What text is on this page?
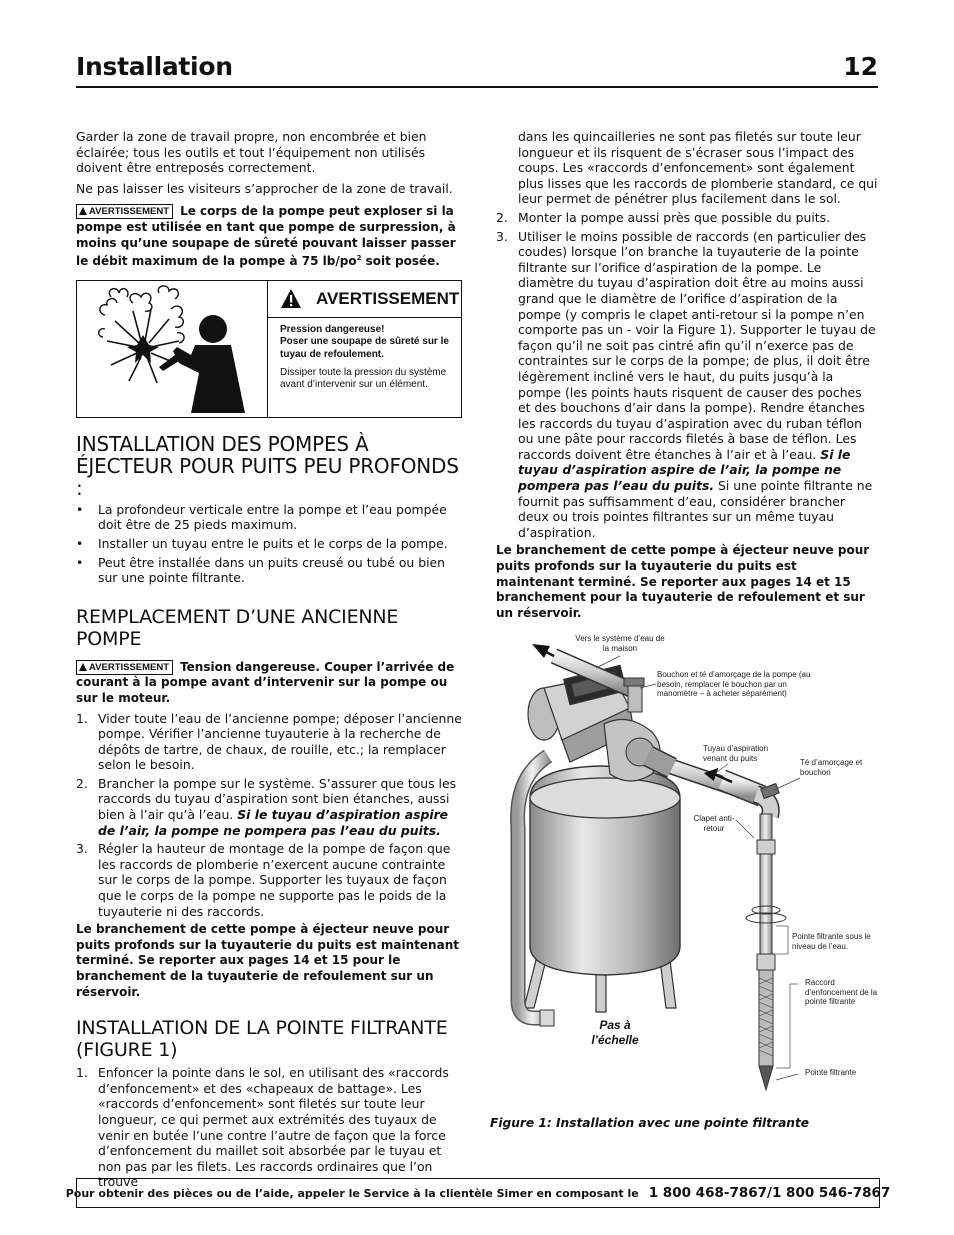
Installation	12

Garder la zone de travail propre, non encombrée et bien éclairée; tous les outils et tout l’équipement non utilisés doivent être entreposés correctement.

Ne pas laisser les visiteurs s’approcher de la zone de travail.

AVERTISSEMENT Le corps de la pompe peut exploser si la pompe est utilisée en tant que pompe de surpression, à moins qu’une soupape de sûreté pouvant laisser passer le débit maximum de la pompe à 75 $lb/po^2$ soit posée.
AVERTISSEMENT

Pression dangereuse!
Poser une soupape de sûreté sur le tuyau de refoulement.

Dissiper toute la pression du système avant d’intervenir sur un élément.

INSTALLATION DES POMPES À ÉJECTEUR POUR PUITS PEU PROFONDS :
• La profondeur verticale entre la pompe et l’eau pompée doit être de 25 pieds maximum.
• Installer un tuyau entre le puits et le corps de la pompe.
• Peut être installée dans un puits creusé ou tubé ou bien sur une pointe filtrante.
REMPLACEMENT D’UNE ANCIENNE POMPE
AVERTISSEMENT Tension dangereuse. Couper l’arrivée de courant à la pompe avant d’intervenir sur la pompe ou sur le moteur.
1. Vider toute l’eau de l’ancienne pompe; déposer l’ancienne pompe. Vérifier l’ancienne tuyauterie à la recherche de dépôts de tartre, de chaux, de rouille, etc.; la remplacer selon le besoin.
2. Brancher la pompe sur le système. S’assurer que tous les raccords du tuyau d’aspiration sont bien étanches, aussi bien à l’air qu’à l’eau. Si le tuyau d’aspiration aspire de l’air, la pompe ne pompera pas l’eau du puits.
3. Régler la hauteur de montage de la pompe de façon que les raccords de plomberie n’exercent aucune contrainte sur le corps de la pompe. Supporter les tuyaux de façon que le corps de la pompe ne supporte pas le poids de la tuyauterie ni des raccords.

Le branchement de cette pompe à éjecteur neuve pour puits profonds sur la tuyauterie du puits est maintenant terminé. Se reporter aux pages 14 et 15 pour le branchement de la tuyauterie de refoulement sur un réservoir.

INSTALLATION DE LA POINTE FILTRANTE (FIGURE 1)
1. Enfoncer la pointe dans le sol, en utilisant des «raccords d’enfoncement» et des «chapeaux de battage». Les «raccords d’enfoncement» sont filetés sur toute leur longueur, ce qui permet aux extrémités des tuyaux de venir en butée l’une contre l’autre de façon que la force d’enfoncement du maillet soit absorbée par le tuyau et non pas par les filets. Les raccords ordinaires que l’on trouve
dans les quincailleries ne sont pas filetés sur toute leur longueur et ils risquent de s’écraser sous l’impact des coups. Les «raccords d’enfoncement» sont également plus lisses que les raccords de plomberie standard, ce qui leur permet de pénétrer plus facilement dans le sol.
2. Monter la pompe aussi près que possible du puits.
3. Utiliser le moins possible de raccords (en particulier des coudes) lorsque l’on branche la tuyauterie de la pointe filtrante sur l’orifice d’aspiration de la pompe. Le diamètre du tuyau d’aspiration doit être au moins aussi grand que le diamètre de l’orifice d’aspiration de la pompe (y compris le clapet anti-retour si la pompe n’en comporte pas un - voir la Figure 1). Supporter le tuyau de façon qu’il ne soit pas cintré afin qu’il n’exerce pas de contraintes sur le corps de la pompe; de plus, il doit être légèrement incliné vers le haut, du puits jusqu’à la pompe (les points hauts risquent de causer des poches et des bouchons d’air dans la pompe). Rendre étanches les raccords du tuyau d’aspiration avec du ruban téflon ou une pâte pour raccords filetés à base de téflon. Les raccords doivent être étanches à l’air et à l’eau. Si le tuyau d’aspiration aspire de l’air, la pompe ne pompera pas l’eau du puits. Si une pointe filtrante ne fournit pas suffisamment d’eau, considérer brancher deux ou trois pointes filtrantes sur un même tuyau d’aspiration.

Le branchement de cette pompe à éjecteur neuve pour puits profonds sur la tuyauterie du puits est maintenant terminé. Se reporter aux pages 14 et 15 branchement pour la tuyauterie de refoulement et sur un réservoir.

Vers le système d’eau de la maison
Bouchon et té d’amorçage de la pompe (au besoin, remplacer le bouchon par un manomètre – à acheter séparément)
Tuyau d’aspiration venant du puits	Té d’amorçage et bouchon
Clapet anti-retour
Pointe filtrante sous le niveau de l’eau.
Raccord d’enfoncement de la pointe filtrante
Pointe filtrante
Pas à l’échelle
Figure 1: Installation avec une pointe filtrante
Pour obtenir des pièces ou de l’aide, appeler le Service à la clientèle Simer en composant le 1 800 468-7867/1 800 546-7867
